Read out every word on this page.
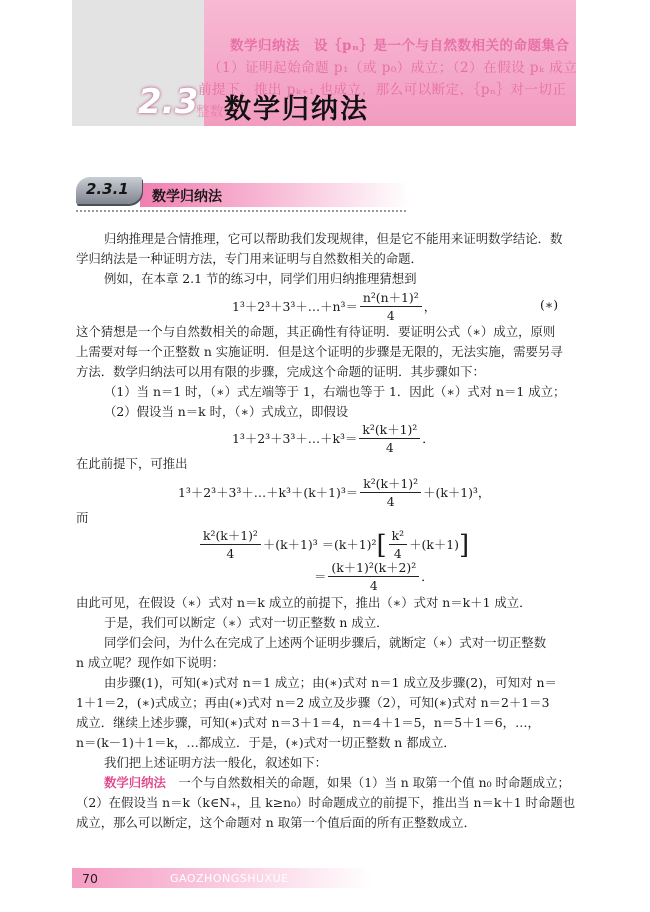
数学归纳法　设｛pₙ｝是一个与自然数相关的命题集合
（1）证明起始命题 p₁（或 p₀）成立；（2）在假设 pₖ 成立
前提下，推出 pₖ₊₁ 也成立，那么可以断定，｛pₙ｝对一切正
整数
2.3 数学归纳法
2.3.1 数学归纳法
归纳推理是合情推理，它可以帮助我们发现规律，但是它不能用来证明数学结论．数
学归纳法是一种证明方法，专门用来证明与自然数相关的命题．
例如，在本章 2.1 节的练习中，同学们用归纳推理猜想到
1³＋2³＋3³＋…＋n³＝ $\frac{\text{n²(n＋1)²}}{4}$ ，	(∗)
这个猜想是一个与自然数相关的命题，其正确性有待证明．要证明公式（∗）成立，原则
上需要对每一个正整数 n 实施证明．但是这个证明的步骤是无限的，无法实施，需要另寻
方法．数学归纳法可以用有限的步骤，完成这个命题的证明．其步骤如下：
（1）当 n＝1 时，（∗）式左端等于 1，右端也等于 1．因此（∗）式对 n＝1 成立；
（2）假设当 n＝k 时，（∗）式成立，即假设
1³＋2³＋3³＋…＋k³＝ $\frac{\text{k²(k＋1)²}}{4}$ ．
在此前提下，可推出
1³＋2³＋3³＋…＋k³＋(k＋1)³＝ $\frac{\text{k²(k＋1)²}}{4} +(k+1)^3$，
而
$\frac{\text{k²(k＋1)²}}{4} +(k+1)^3 =(k+1)^2[ \frac{\text{k²}}{4} +(k+1)]$
＝ $\frac{\text{(k＋1)²(k＋2)²}}{4}$ ．
由此可见，在假设（∗）式对 n＝k 成立的前提下，推出（∗）式对 n＝k＋1 成立．
于是，我们可以断定（∗）式对一切正整数 n 成立．
同学们会问，为什么在完成了上述两个证明步骤后，就断定（∗）式对一切正整数
n 成立呢？现作如下说明：
由步骤(1)，可知(∗)式对 n＝1 成立；由(∗)式对 n＝1 成立及步骤(2)，可知对 n＝
1＋1＝2，(∗)式成立；再由(∗)式对 n＝2 成立及步骤（2），可知(∗)式对 n＝2＋1＝3
成立．继续上述步骤，可知(∗)式对 n＝3＋1＝4，n＝4＋1＝5，n＝5＋1＝6，…，
n＝(k－1)＋1＝k，…都成立．于是，(∗)式对一切正整数 n 都成立．
我们把上述证明方法一般化，叙述如下：
数学归纳法　一个与自然数相关的命题，如果（1）当 n 取第一个值 n₀ 时命题成立；
（2）在假设当 n＝k（k∈N₊，且 k≥n₀）时命题成立的前提下，推出当 n＝k＋1 时命题也
成立，那么可以断定，这个命题对 n 取第一个值后面的所有正整数成立．
70	GAOZHONGSHUXUE
